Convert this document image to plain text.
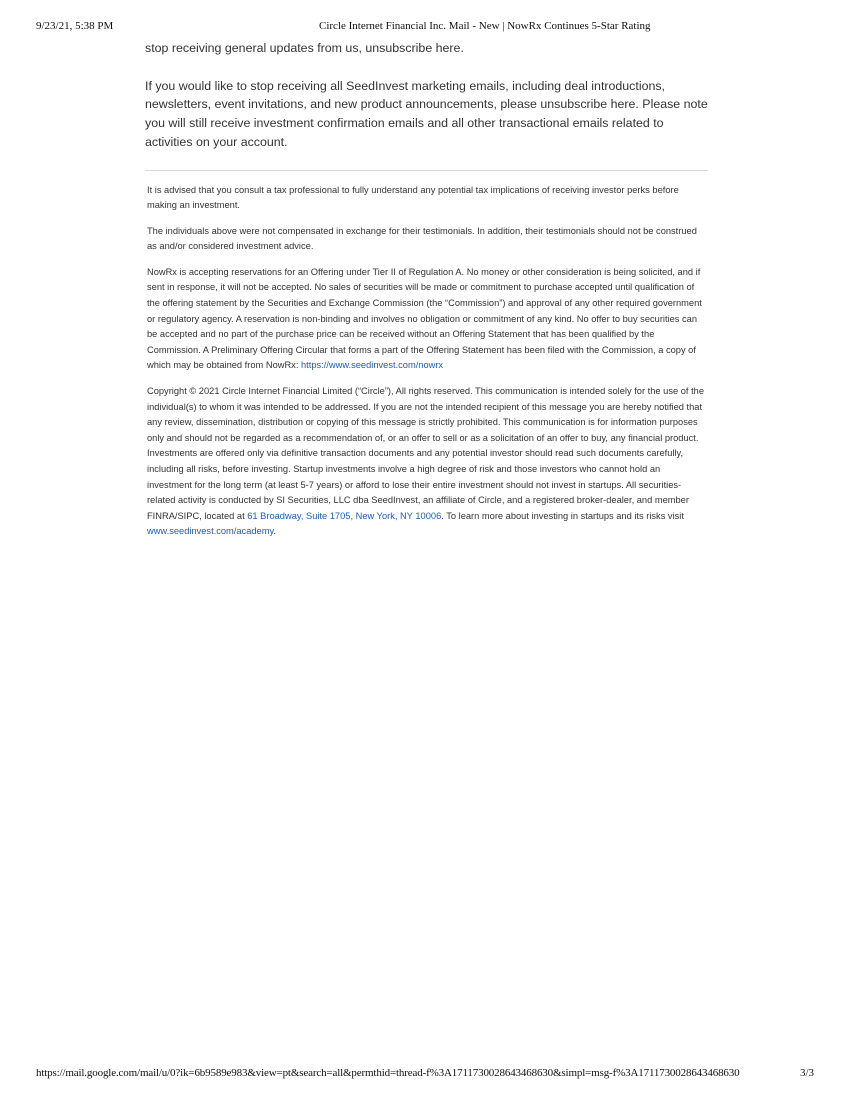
9/23/21, 5:38 PM	Circle Internet Financial Inc. Mail - New | NowRx Continues 5-Star Rating

stop receiving general updates from us, unsubscribe here.

If you would like to stop receiving all SeedInvest marketing emails, including deal introductions, newsletters, event invitations, and new product announcements, please unsubscribe here. Please note you will still receive investment confirmation emails and all other transactional emails related to activities on your account.

It is advised that you consult a tax professional to fully understand any potential tax implications of receiving investor perks before making an investment.

The individuals above were not compensated in exchange for their testimonials. In addition, their testimonials should not be construed as and/or considered investment advice.

NowRx is accepting reservations for an Offering under Tier II of Regulation A. No money or other consideration is being solicited, and if sent in response, it will not be accepted. No sales of securities will be made or commitment to purchase accepted until qualification of the offering statement by the Securities and Exchange Commission (the “Commission”) and approval of any other required government or regulatory agency. A reservation is non-binding and involves no obligation or commitment of any kind. No offer to buy securities can be accepted and no part of the purchase price can be received without an Offering Statement that has been qualified by the Commission. A Preliminary Offering Circular that forms a part of the Offering Statement has been filed with the Commission, a copy of which may be obtained from NowRx: https://www.seedinvest.com/nowrx

Copyright © 2021 Circle Internet Financial Limited (“Circle”), All rights reserved. This communication is intended solely for the use of the individual(s) to whom it was intended to be addressed. If you are not the intended recipient of this message you are hereby notified that any review, dissemination, distribution or copying of this message is strictly prohibited. This communication is for information purposes only and should not be regarded as a recommendation of, or an offer to sell or as a solicitation of an offer to buy, any financial product. Investments are offered only via definitive transaction documents and any potential investor should read such documents carefully, including all risks, before investing. Startup investments involve a high degree of risk and those investors who cannot hold an investment for the long term (at least 5-7 years) or afford to lose their entire investment should not invest in startups. All securities-related activity is conducted by SI Securities, LLC dba SeedInvest, an affiliate of Circle, and a registered broker-dealer, and member FINRA/SIPC, located at 61 Broadway, Suite 1705, New York, NY 10006. To learn more about investing in startups and its risks visit www.seedinvest.com/academy.

https://mail.google.com/mail/u/0?ik=6b9589e983&view=pt&search=all&permthid=thread-f%3A1711730028643468630&simpl=msg-f%3A1711730028643468630	3/3
